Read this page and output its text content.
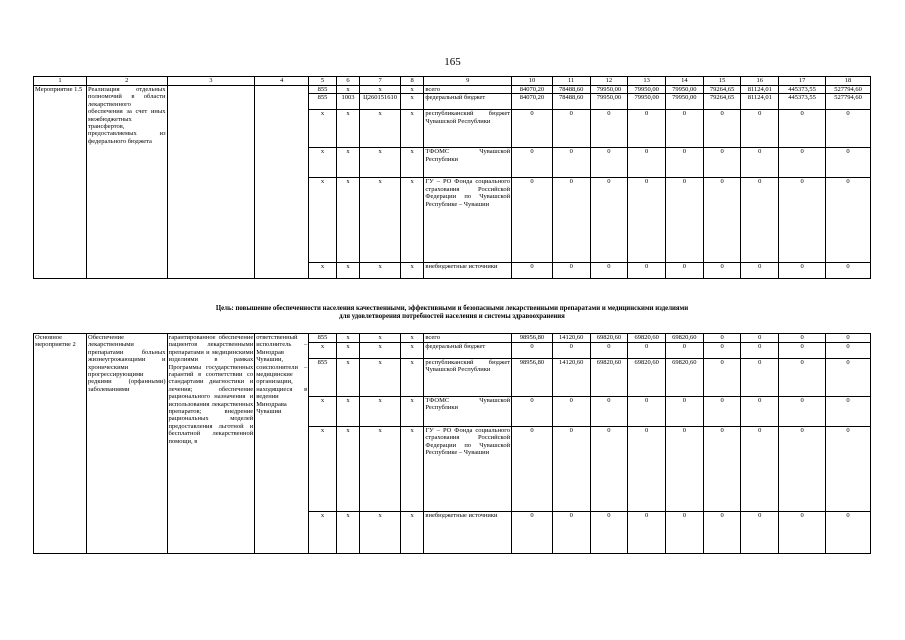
165
1	2	3	4	5	6	7	8	9	10	11	12	13	14	15	16	17	18
Мероприятие 1.5	Реализация отдельных полномочий в области лекарственного обеспечения за счет иных межбюджетных трансфертов, предоставляемых из федерального бюджета			855	x	x	x	всего	84070,20	78488,60	79950,00	79950,00	79950,00	79264,65	81124,01	445373,55	527794,60
				855	1003	Ц260151610	x	федеральный бюджет	84070,20	78488,60	79950,00	79950,00	79950,00	79264,65	81124,01	445373,55	527794,60
				x	x	x	x	республиканский бюджет Чувашской Республики	0	0	0	0	0	0	0	0	0
				x	x	x	x	ТФОМС Чувашской Республики	0	0	0	0	0	0	0	0	0
				x	x	x	x	ГУ – РО Фонда социального страхования Российской Федерации по Чувашской Республике – Чувашии	0	0	0	0	0	0	0	0	0
				x	x	x	x	внебюджетные источники	0	0	0	0	0	0	0	0	0
Цель: повышение обеспеченности населения качественными, эффективными и безопасными лекарственными препаратами и медицинскими изделиями
для удовлетворения потребностей населения и системы здравоохранения
Основное мероприятие 2	Обеспечение лекарственными препаратами больных жизнеугрожающими и хроническими прогрессирующими редкими (орфанными) заболеваниями	гарантированное обеспечение пациентов лекарственными препаратами и медицинскими изделиями в рамках Программы государственных гарантий в соответствии со стандартами диагностики и лечения; обеспечение рационального назначения и использования лекарственных препаратов; внедрение рациональных моделей предоставления льготной и бесплатной лекарственной помощи, в	ответственный исполнитель – Минздрав Чувашии, соисполнители – медицинские организации, находящиеся в ведении Минздрава Чувашии	855	x	x	x	всего	98956,80	14120,60	69820,60	69820,60	69820,60	0	0	0	0
				x	x	x	x	федеральный бюджет	0	0	0	0	0	0	0	0	0
				855	x	x	x	республиканский бюджет Чувашской Республики	98956,80	14120,60	69820,60	69820,60	69820,60	0	0	0	0
				x	x	x	x	ТФОМС Чувашской Республики	0	0	0	0	0	0	0	0	0
				x	x	x	x	ГУ – РО Фонда социального страхования Российской Федерации по Чувашской Республике – Чувашии	0	0	0	0	0	0	0	0	0
				x	x	x	x	внебюджетные источники	0	0	0	0	0	0	0	0	0
